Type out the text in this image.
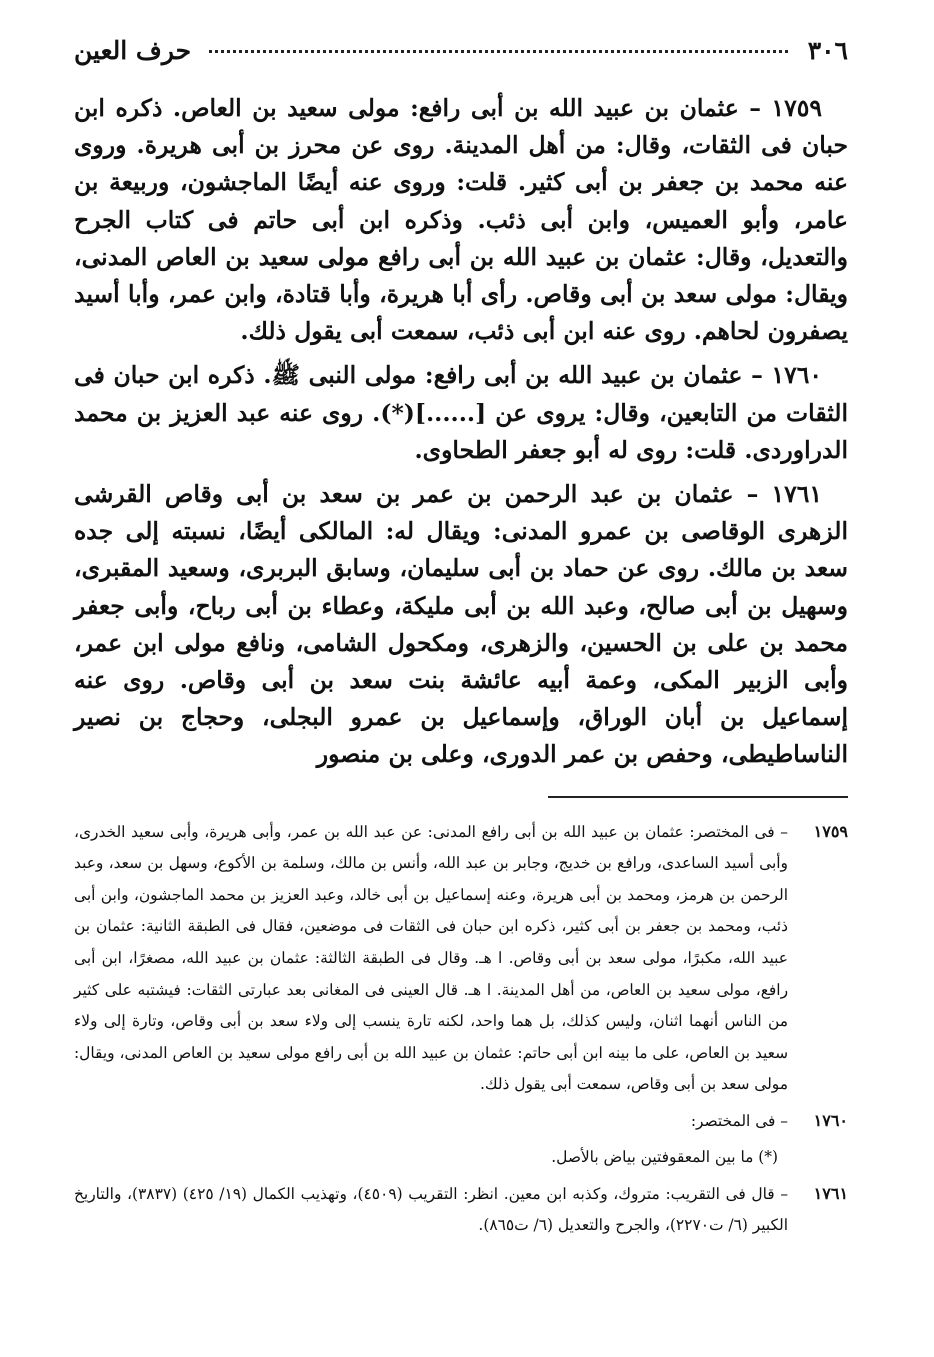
٣٠٦
حرف العين

١٧٥٩ – عثمان بن عبيد الله بن أبى رافع: مولى سعيد بن العاص. ذكره ابن حبان فى الثقات، وقال: من أهل المدينة. روى عن محرز بن أبى هريرة. وروى عنه محمد بن جعفر بن أبى كثير. قلت: وروى عنه أيضًا الماجشون، وربيعة بن عامر، وأبو العميس، وابن أبى ذئب. وذكره ابن أبى حاتم فى كتاب الجرح والتعديل، وقال: عثمان بن عبيد الله بن أبى رافع مولى سعيد بن العاص المدنى، ويقال: مولى سعد بن أبى وقاص. رأى أبا هريرة، وأبا قتادة، وابن عمر، وأبا أسيد يصفرون لحاهم. روى عنه ابن أبى ذئب، سمعت أبى يقول ذلك.

١٧٦٠ – عثمان بن عبيد الله بن أبى رافع: مولى النبى ﷺ. ذكره ابن حبان فى الثقات من التابعين، وقال: يروى عن [......](*). روى عنه عبد العزيز بن محمد الدراوردى. قلت: روى له أبو جعفر الطحاوى.

١٧٦١ – عثمان بن عبد الرحمن بن عمر بن سعد بن أبى وقاص القرشى الزهرى الوقاصى بن عمرو المدنى: ويقال له: المالكى أيضًا، نسبته إلى جده سعد بن مالك. روى عن حماد بن أبى سليمان، وسابق البربرى، وسعيد المقبرى، وسهيل بن أبى صالح، وعبد الله بن أبى مليكة، وعطاء بن أبى رباح، وأبى جعفر محمد بن على بن الحسين، والزهرى، ومكحول الشامى، ونافع مولى ابن عمر، وأبى الزبير المكى، وعمة أبيه عائشة بنت سعد بن أبى وقاص. روى عنه إسماعيل بن أبان الوراق، وإسماعيل بن عمرو البجلى، وحجاج بن نصير الناساطيطى، وحفص بن عمر الدورى، وعلى بن منصور

١٧٥٩– فى المختصر: عثمان بن عبيد الله بن أبى رافع المدنى: عن عبد الله بن عمر، وأبى هريرة، وأبى سعيد الخدرى، وأبى أسيد الساعدى، ورافع بن خديج، وجابر بن عبد الله، وأنس بن مالك، وسلمة بن الأكوع، وسهل بن سعد، وعبد الرحمن بن هرمز، ومحمد بن أبى هريرة، وعنه إسماعيل بن أبى خالد، وعبد العزيز بن محمد الماجشون، وابن أبى ذئب، ومحمد بن جعفر بن أبى كثير، ذكره ابن حبان فى الثقات فى موضعين، فقال فى الطبقة الثانية: عثمان بن عبيد الله، مكبرًا، مولى سعد بن أبى وقاص. ا هـ. وقال فى الطبقة الثالثة: عثمان بن عبيد الله، مصغرًا، ابن أبى رافع، مولى سعيد بن العاص، من أهل المدينة. ا هـ. قال العينى فى المغانى بعد عبارتى الثقات: فيشتبه على كثير من الناس أنهما اثنان، وليس كذلك، بل هما واحد، لكنه تارة ينسب إلى ولاء سعد بن أبى وقاص، وتارة إلى ولاء سعيد بن العاص، على ما بينه ابن أبى حاتم: عثمان بن عبيد الله بن أبى رافع مولى سعيد بن العاص المدنى، ويقال: مولى سعد بن أبى وقاص، سمعت أبى يقول ذلك.

١٧٦٠– فى المختصر:

(*) ما بين المعقوفتين بياض بالأصل.

١٧٦١– قال فى التقريب: متروك، وكذبه ابن معين. انظر: التقريب (٤٥٠٩)، وتهذيب الكمال (١٩/ ٤٢٥) (٣٨٣٧)، والتاريخ الكبير (٦/ ت٢٢٧٠)، والجرح والتعديل (٦/ ت٨٦٥).
